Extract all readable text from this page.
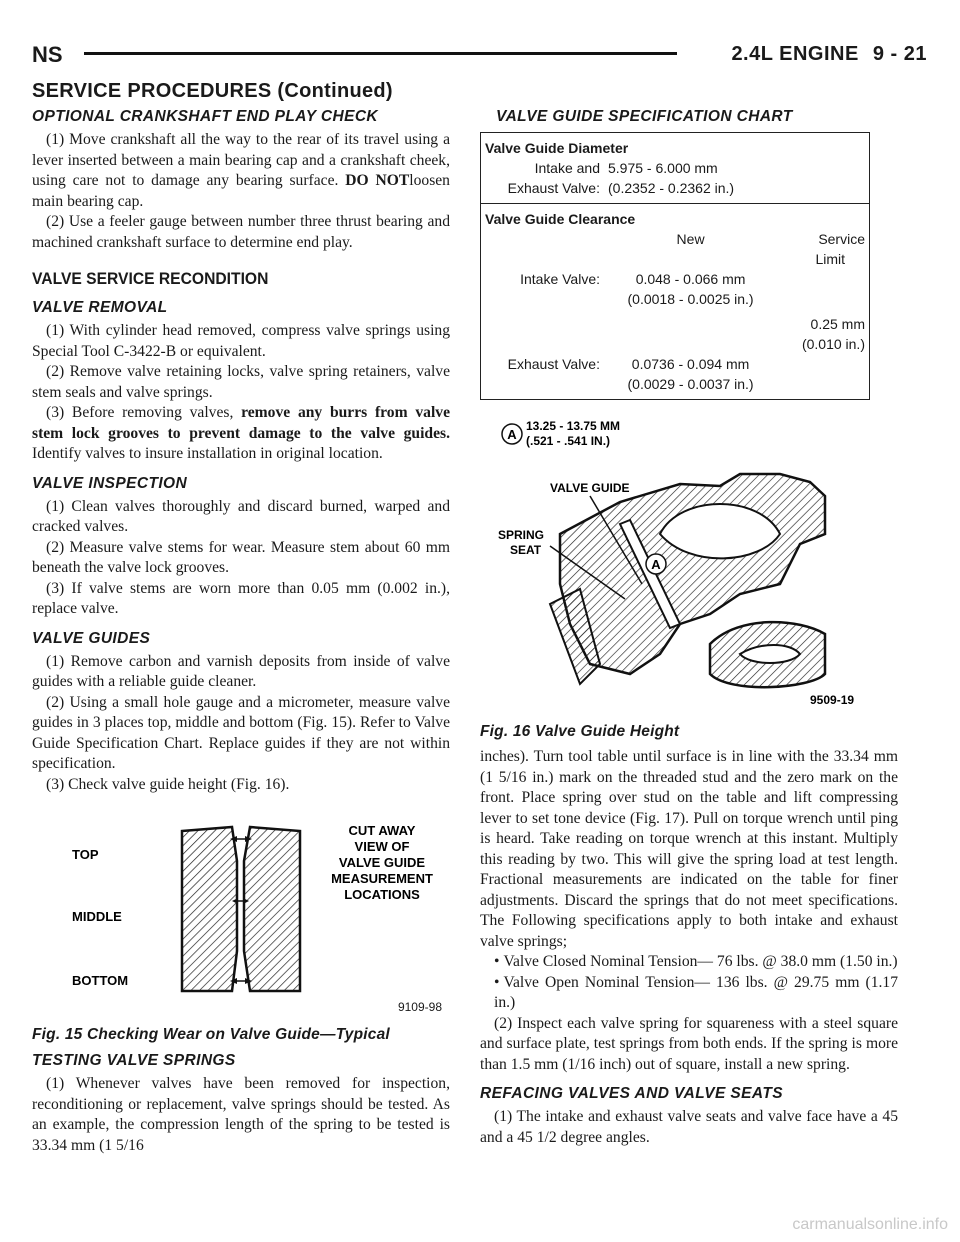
NS	2.4L ENGINE 9 - 21
SERVICE PROCEDURES (Continued)
OPTIONAL CRANKSHAFT END PLAY CHECK

(1) Move crankshaft all the way to the rear of its travel using a lever inserted between a main bearing cap and a crankshaft cheek, using care not to damage any bearing surface. DO NOTloosen main bearing cap.

(2) Use a feeler gauge between number three thrust bearing and machined crankshaft surface to determine end play.

VALVE SERVICE RECONDITION
VALVE REMOVAL

(1) With cylinder head removed, compress valve springs using Special Tool C-3422-B or equivalent.

(2) Remove valve retaining locks, valve spring retainers, valve stem seals and valve springs.

(3) Before removing valves, remove any burrs from valve stem lock grooves to prevent damage to the valve guides. Identify valves to insure installation in original location.

VALVE INSPECTION

(1) Clean valves thoroughly and discard burned, warped and cracked valves.

(2) Measure valve stems for wear. Measure stem about 60 mm beneath the valve lock grooves.

(3) If valve stems are worn more than 0.05 mm (0.002 in.), replace valve.

VALVE GUIDES

(1) Remove carbon and varnish deposits from inside of valve guides with a reliable guide cleaner.

(2) Using a small hole gauge and a micrometer, measure valve guides in 3 places top, middle and bottom (Fig. 15). Refer to Valve Guide Specification Chart. Replace guides if they are not within specification.

(3) Check valve guide height (Fig. 16).

TOP
MIDDLE
BOTTOM
CUT AWAY
VIEW OF
VALVE GUIDE
MEASUREMENT
LOCATIONS
9109-98
Fig. 15 Checking Wear on Valve Guide—Typical
TESTING VALVE SPRINGS

(1) Whenever valves have been removed for inspection, reconditioning or replacement, valve springs should be tested. As an example, the compression length of the spring to be tested is 33.34 mm (1 5/16

VALVE GUIDE SPECIFICATION CHART
Valve Guide Diameter		
Intake and	5.975 - 6.000 mm	
Exhaust Valve:	(0.2352 - 0.2362 in.)	
Valve Guide Clearance		
	New	Service
		Limit
Intake Valve:	0.048 - 0.066 mm	
	(0.0018 - 0.0025 in.)	
		0.25 mm
		(0.010 in.)
Exhaust Valve:	0.0736 - 0.094 mm	
	(0.0029 - 0.0037 in.)	
A
13.25 - 13.75 MM
(.521 - .541 IN.)
A
VALVE GUIDE
SPRING
SEAT
9509-19
Fig. 16 Valve Guide Height

inches). Turn tool table until surface is in line with the 33.34 mm (1 5/16 in.) mark on the threaded stud and the zero mark on the front. Place spring over stud on the table and lift compressing lever to set tone device (Fig. 17). Pull on torque wrench until ping is heard. Take reading on torque wrench at this instant. Multiply this reading by two. This will give the spring load at test length. Fractional measurements are indicated on the table for finer adjustments. Discard the springs that do not meet specifications. The Following specifications apply to both intake and exhaust valve springs;

• Valve Closed Nominal Tension— 76 lbs. @ 38.0 mm (1.50 in.)

• Valve Open Nominal Tension— 136 lbs. @ 29.75 mm (1.17 in.)

(2) Inspect each valve spring for squareness with a steel square and surface plate, test springs from both ends. If the spring is more than 1.5 mm (1/16 inch) out of square, install a new spring.

REFACING VALVES AND VALVE SEATS

(1) The intake and exhaust valve seats and valve face have a 45 and a 45 1/2 degree angles.

carmanualsonline.info
